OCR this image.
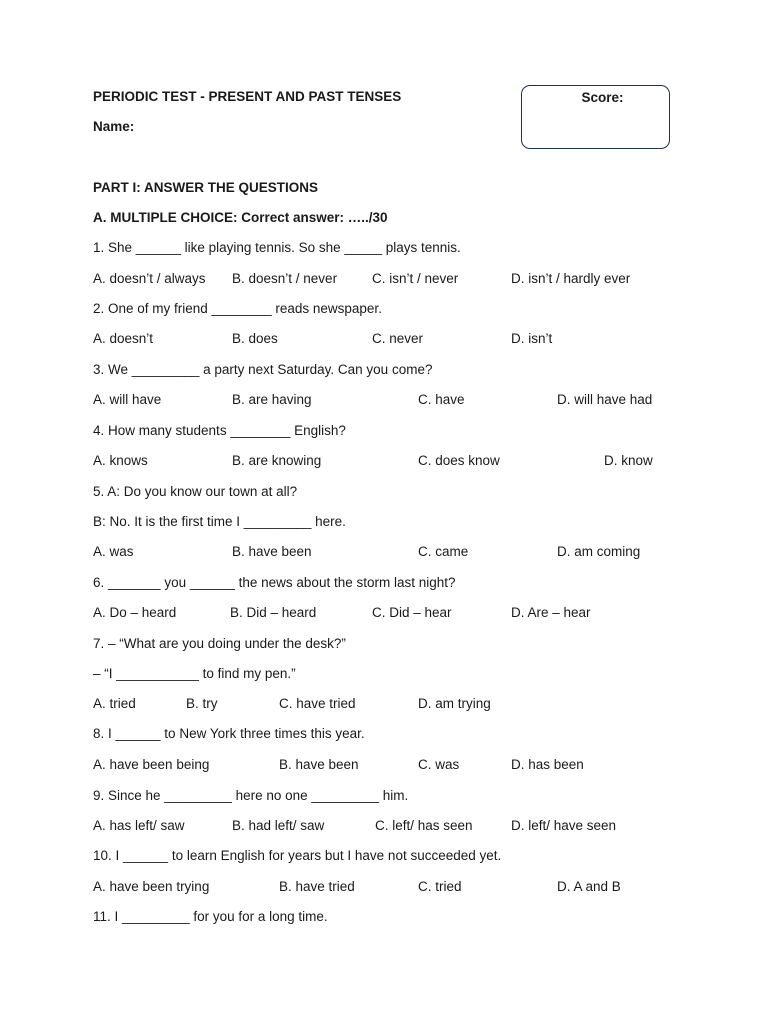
PERIODIC TEST - PRESENT AND PAST TENSES
Name:
Score:
PART I: ANSWER THE QUESTIONS
A. MULTIPLE CHOICE: Correct answer: …../30
1. She ______ like playing tennis. So she _____ plays tennis.
A. doesn’t / always B. doesn’t / never	C. isn’t / never	D. isn’t / hardly ever
2. One of my friend ________ reads newspaper.
A. doesn’t	B. does	C. never	D. isn’t
3. We _________ a party next Saturday. Can you come?
A. will have	B. are having	C. have	D. will have had
4. How many students ________ English?
A. knows	B. are knowing	C. does know	D. know
5. A: Do you know our town at all?
B: No. It is the first time I _________ here.
A. was	B. have been	C. came	D. am coming
6. _______ you ______ the news about the storm last night?
A. Do – heard	B. Did – heard	C. Did – hear	D. Are – hear
7. – “What are you doing under the desk?”
– “I ___________ to find my pen.”
A. tried	B. try	C. have tried	D. am trying
8. I ______ to New York three times this year.
A. have been being	B. have been	C. was	D. has been
9. Since he _________ here no one _________ him.
A. has left/ saw	B. had left/ saw	C. left/ has seen	D. left/ have seen
10. I ______ to learn English for years but I have not succeeded yet.
A. have been trying	B. have tried	C. tried	D. A and B
11. I _________ for you for a long time.
